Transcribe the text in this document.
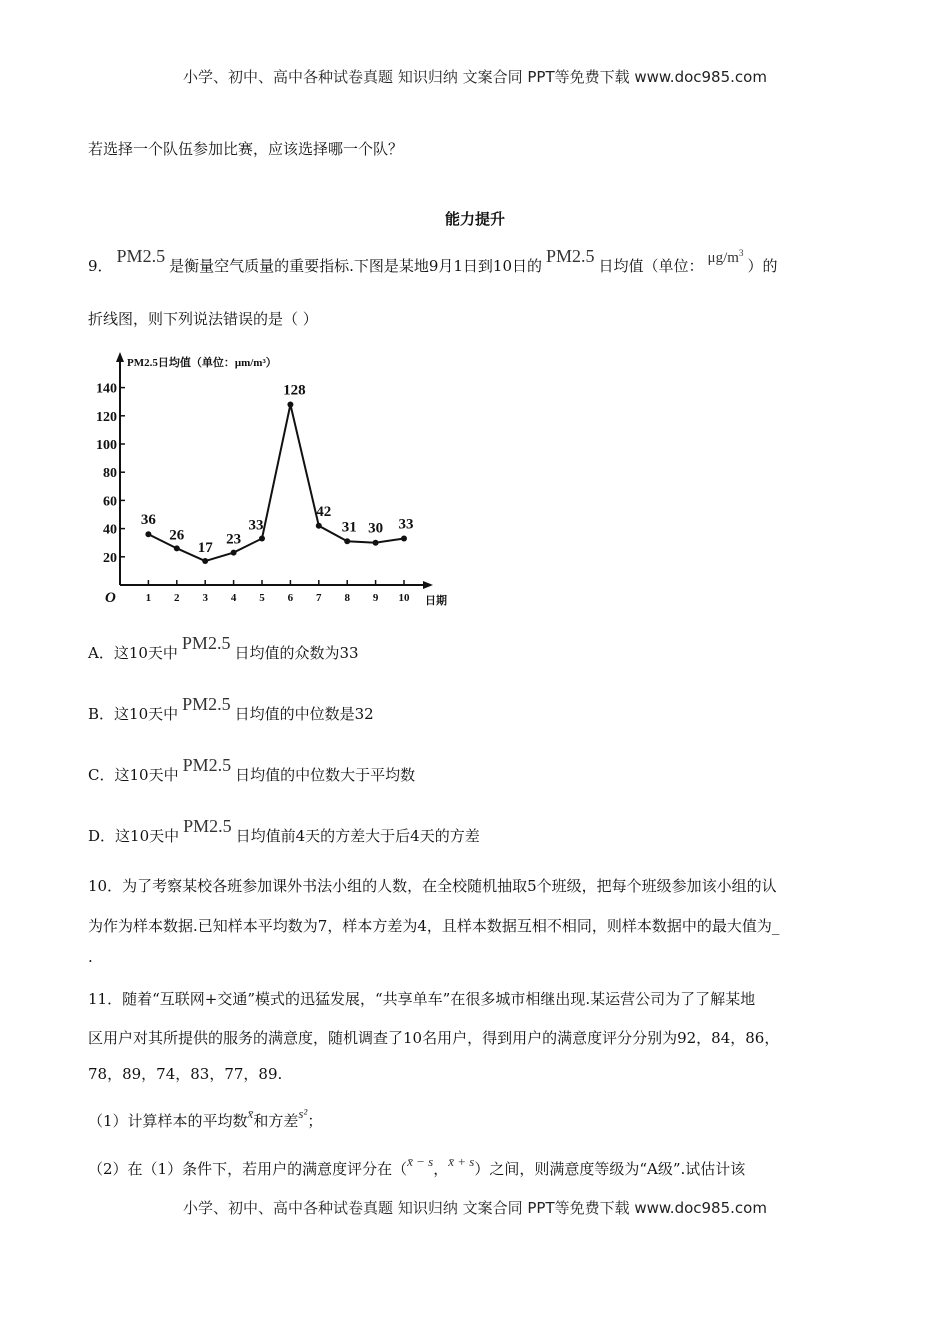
小学、初中、高中各种试卷真题 知识归纳 文案合同 PPT等免费下载 www.doc985.com
若选择一个队伍参加比赛，应该选择哪一个队？
能力提升
9． PM2.5 是衡量空气质量的重要指标.下图是某地9月1日到10日的 PM2.5 日均值（单位： $\mu g/m^3$）的
折线图，则下列说法错误的是（ ）
PM2.5日均值（单位：μm/m³）
日期
O
20
40
60
80
100
120
140
1 2 3 4 5 6 7 8 9 10
36
26
17
23
33
128
42
31 30 33
A．这10天中 PM2.5 日均值的众数为33
B．这10天中 PM2.5 日均值的中位数是32
C．这10天中 PM2.5 日均值的中位数大于平均数
D．这10天中 PM2.5 日均值前4天的方差大于后4天的方差
10．为了考察某校各班参加课外书法小组的人数，在全校随机抽取5个班级，把每个班级参加该小组的认
为作为样本数据.已知样本平均数为7，样本方差为4，且样本数据互相不相同，则样本数据中的最大值为_
.
11．随着“互联网+交通”模式的迅猛发展，“共享单车”在很多城市相继出现.某运营公司为了了解某地
区用户对其所提供的服务的满意度，随机调查了10名用户，得到用户的满意度评分分别为92，84，86，
78，89，74，83，77，89.
（1）计算样本的平均数x̄和方差s²；
（2）在（1）条件下，若用户的满意度评分在（x̄ − s，x̄ + s）之间，则满意度等级为“A级”.试估计该
小学、初中、高中各种试卷真题 知识归纳 文案合同 PPT等免费下载 www.doc985.com
